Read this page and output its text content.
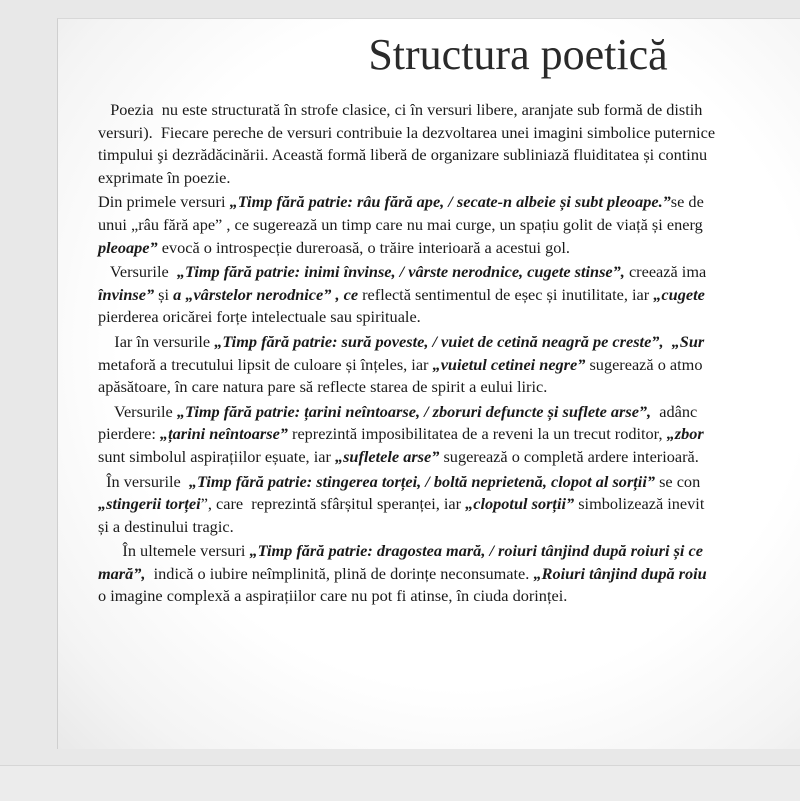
Structura poetică

Poezia  nu este structurată în strofe clasice, ci în versuri libere, aranjate sub formă de distih
versuri).  Fiecare pereche de versuri contribuie la dezvoltarea unei imagini simbolice puternice
timpului şi dezrădăcinării. Această formă liberă de organizare subliniază fluiditatea și continu
exprimate în poezie.

Din primele versuri „Timp fără patrie: râu fără ape, / secate-n albeie și subt pleoape.”se de
unui „râu fără ape” , ce sugerează un timp care nu mai curge, un spațiu golit de viață și energ
pleoape” evocă o introspecție dureroasă, o trăire interioară a acestui gol.

Versurile  „Timp fără patrie: inimi învinse, / vârste nerodnice, cugete stinse”, creează ima
învinse” și a „vârstelor nerodnice” , ce reflectă sentimentul de eșec și inutilitate, iar „cugete
pierderea oricărei forțe intelectuale sau spirituale.

Iar în versurile „Timp fără patrie: sură poveste, / vuiet de cetină neagră pe creste”,  „Sur
metaforă a trecutului lipsit de culoare și înțeles, iar „vuietul cetinei negre” sugerează o atmo
apăsătoare, în care natura pare să reflecte starea de spirit a eului liric.

Versurile „Timp fără patrie: țarini neîntoarse, / zboruri defuncte și suflete arse”,  adânc
pierdere: „țarini neîntoarse” reprezintă imposibilitatea de a reveni la un trecut roditor, „zbor
sunt simbolul aspirațiilor eșuate, iar „sufletele arse” sugerează o completă ardere interioară.

În versurile  „Timp fără patrie: stingerea torței, / boltă neprietenă, clopot al sorții” se con
„stingerii torței”, care  reprezintă sfârșitul speranței, iar „clopotul sorții” simbolizează inevit
și a destinului tragic.

În ultemele versuri „Timp fără patrie: dragostea mară, / roiuri tânjind după roiuri și ce
mară”,  indică o iubire neîmplinită, plină de dorințe neconsumate. „Roiuri tânjind după roiu
o imagine complexă a aspirațiilor care nu pot fi atinse, în ciuda dorinței.
